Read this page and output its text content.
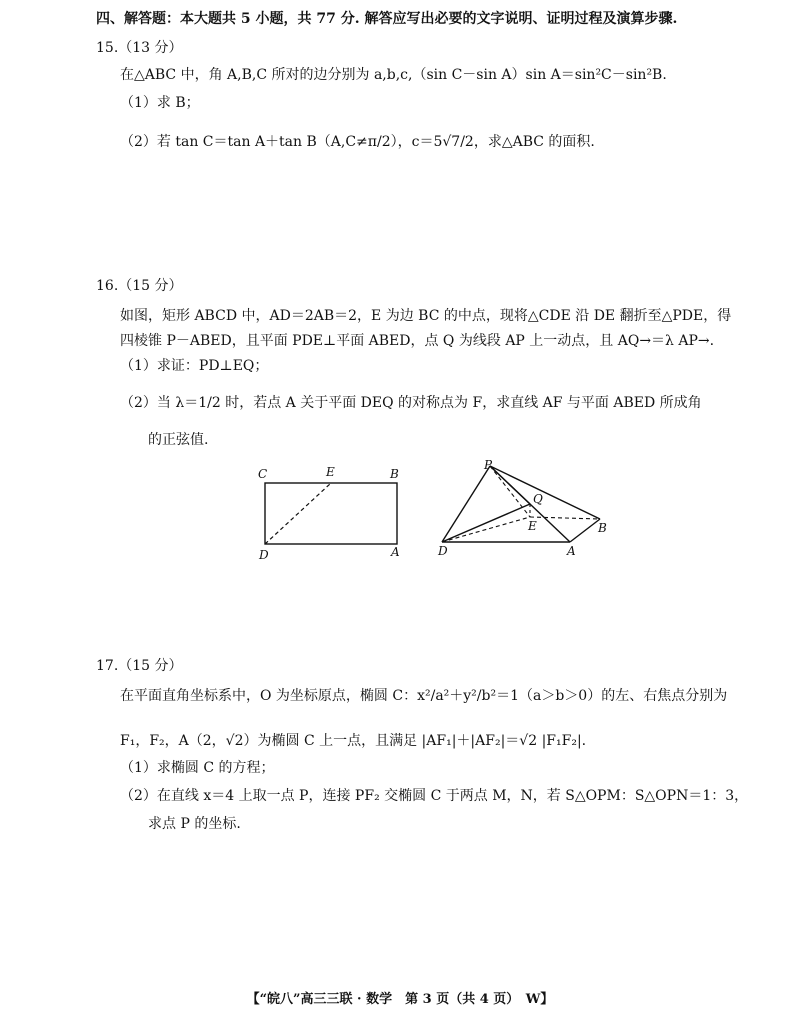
四、解答题：本大题共 5 小题，共 77 分. 解答应写出必要的文字说明、证明过程及演算步骤.
15.（13 分）
在△ABC 中，角 A,B,C 所对的边分别为 a,b,c,（sin C－sin A）sin A＝sin²C－sin²B.
（1）求 B；
（2）若 tan C＝tan A＋tan B（A,C≠π/2），c＝5√7/2，求△ABC 的面积.
16.（15 分）
如图，矩形 ABCD 中，AD＝2AB＝2，E 为边 BC 的中点，现将△CDE 沿 DE 翻折至△PDE，得
四棱锥 P－ABED，且平面 PDE⊥平面 ABED，点 Q 为线段 AP 上一动点，且 AQ→＝λ AP→.
（1）求证：PD⊥EQ；
（2）当 λ＝1/2 时，若点 A 关于平面 DEQ 的对称点为 F，求直线 AF 与平面 ABED 所成角
的正弦值.
C	E	B
D	A
P
Q
E	B
D	A
17.（15 分）
在平面直角坐标系中，O 为坐标原点，椭圆 C：x²/a²＋y²/b²＝1（a＞b＞0）的左、右焦点分别为
F₁，F₂，A（2，√2）为椭圆 C 上一点，且满足 |AF₁|＋|AF₂|＝√2 |F₁F₂|.
（1）求椭圆 C 的方程；
（2）在直线 x＝4 上取一点 P，连接 PF₂ 交椭圆 C 于两点 M，N，若 S△OPM：S△OPN＝1：3，
求点 P 的坐标.
【“皖八”高三三联 · 数学　第 3 页（共 4 页）　W】
